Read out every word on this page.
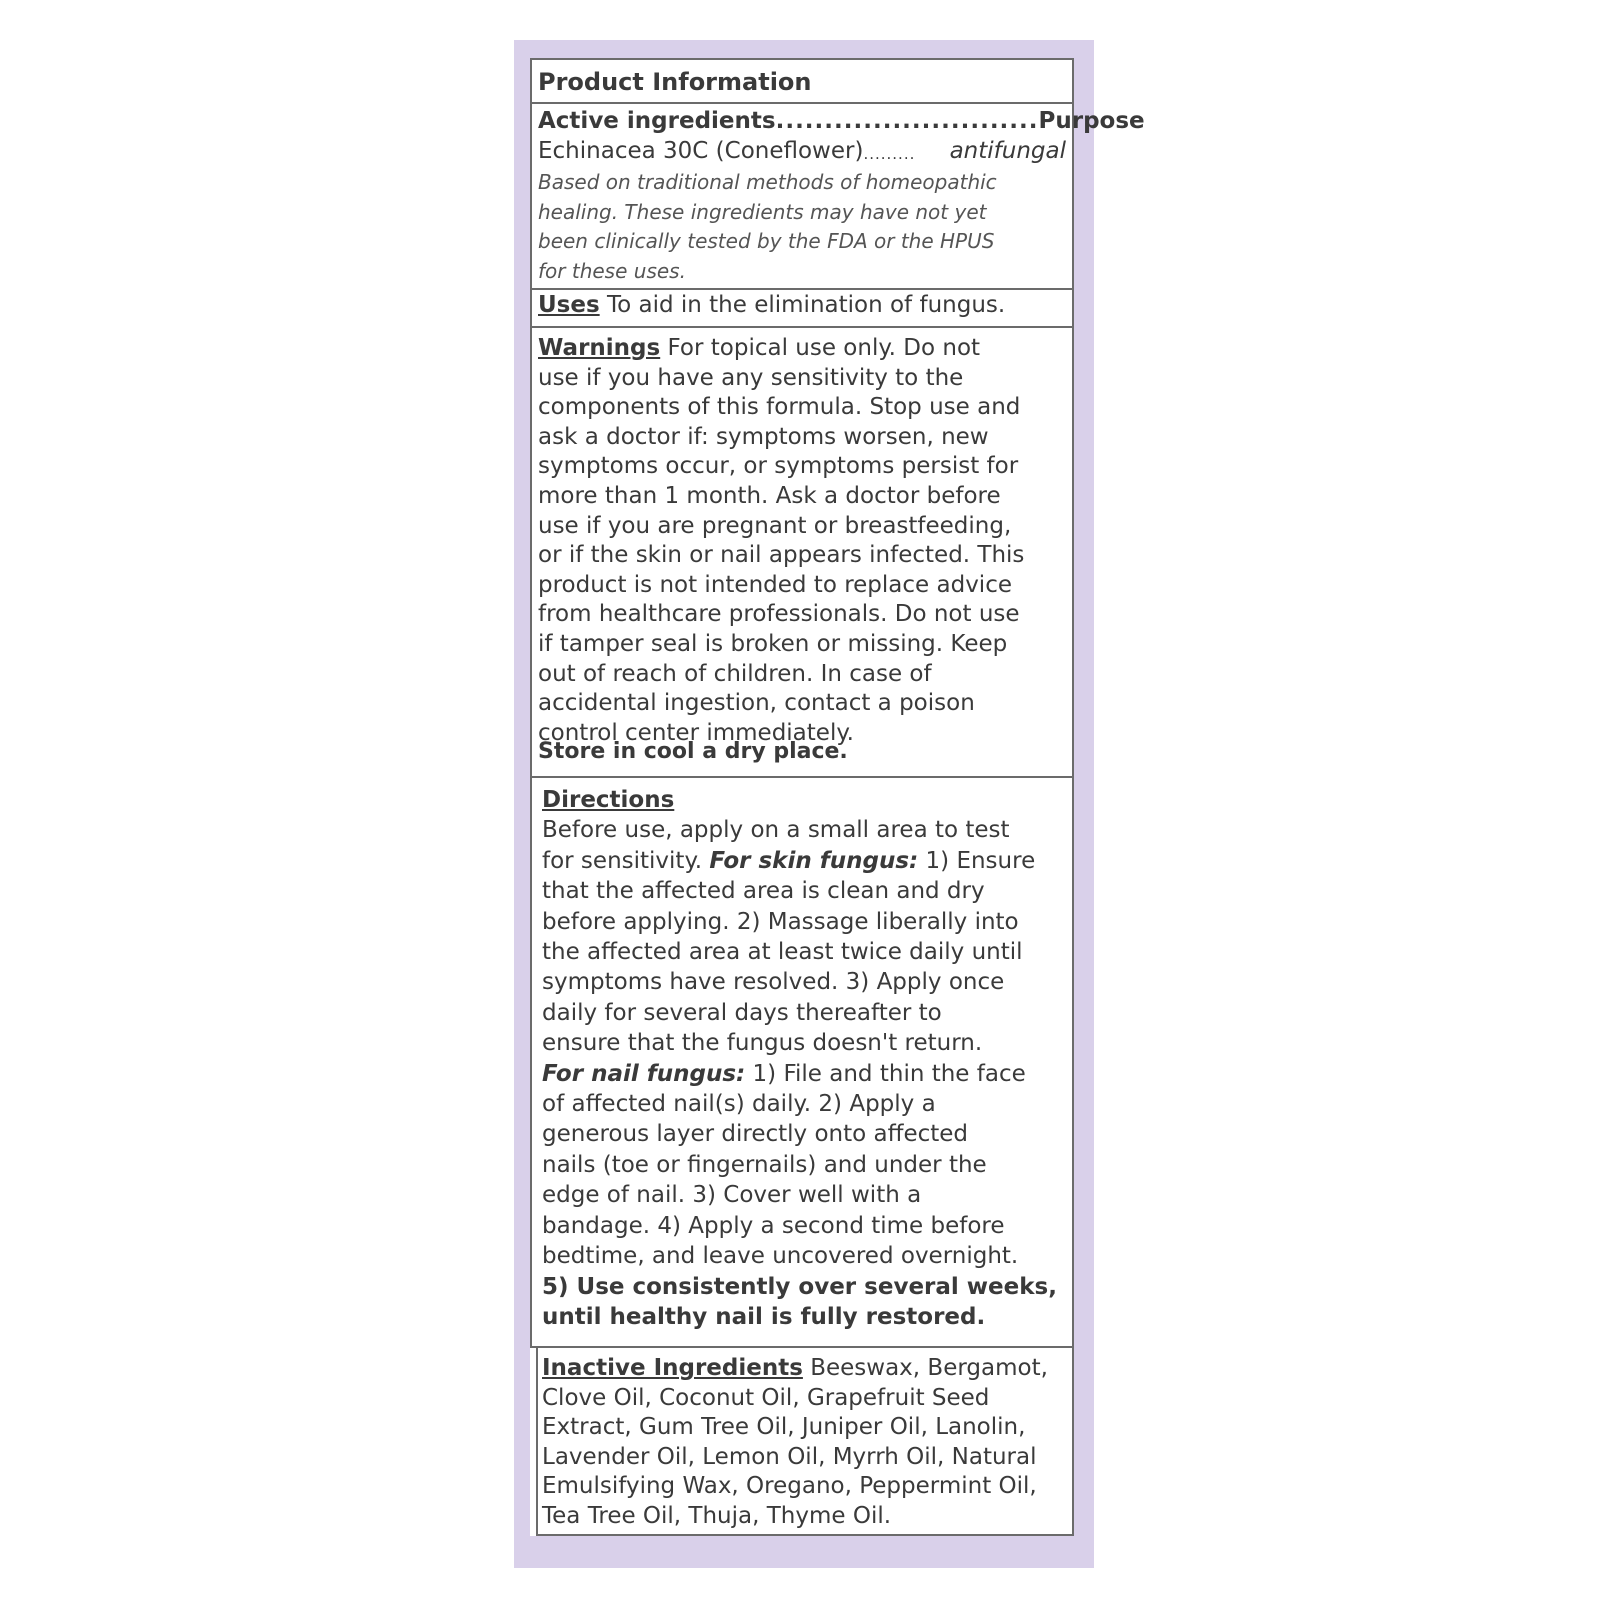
Product Information
Active ingredients ........................... Purpose
Echinacea 30C (Coneflower) .........	antifungal
Based on traditional methods of homeopathic
healing. These ingredients may have not yet
been clinically tested by the FDA or the HPUS
for these uses.
Uses To aid in the elimination of fungus.
Warnings For topical use only. Do not
use if you have any sensitivity to the
components of this formula. Stop use and
ask a doctor if: symptoms worsen, new
symptoms occur, or symptoms persist for
more than 1 month. Ask a doctor before
use if you are pregnant or breastfeeding,
or if the skin or nail appears infected. This
product is not intended to replace advice
from healthcare professionals. Do not use
if tamper seal is broken or missing. Keep
out of reach of children. In case of
accidental ingestion, contact a poison
control center immediately.
Store in cool a dry place.
Directions
Before use, apply on a small area to test
for sensitivity. For skin fungus: 1) Ensure
that the affected area is clean and dry
before applying. 2) Massage liberally into
the affected area at least twice daily until
symptoms have resolved. 3) Apply once
daily for several days thereafter to
ensure that the fungus doesn't return.
For nail fungus: 1) File and thin the face
of affected nail(s) daily. 2) Apply a
generous layer directly onto affected
nails (toe or fingernails) and under the
edge of nail. 3) Cover well with a
bandage. 4) Apply a second time before
bedtime, and leave uncovered overnight.
5) Use consistently over several weeks,
until healthy nail is fully restored.
Inactive Ingredients Beeswax, Bergamot,
Clove Oil, Coconut Oil, Grapefruit Seed
Extract, Gum Tree Oil, Juniper Oil, Lanolin,
Lavender Oil, Lemon Oil, Myrrh Oil, Natural
Emulsifying Wax, Oregano, Peppermint Oil,
Tea Tree Oil, Thuja, Thyme Oil.
